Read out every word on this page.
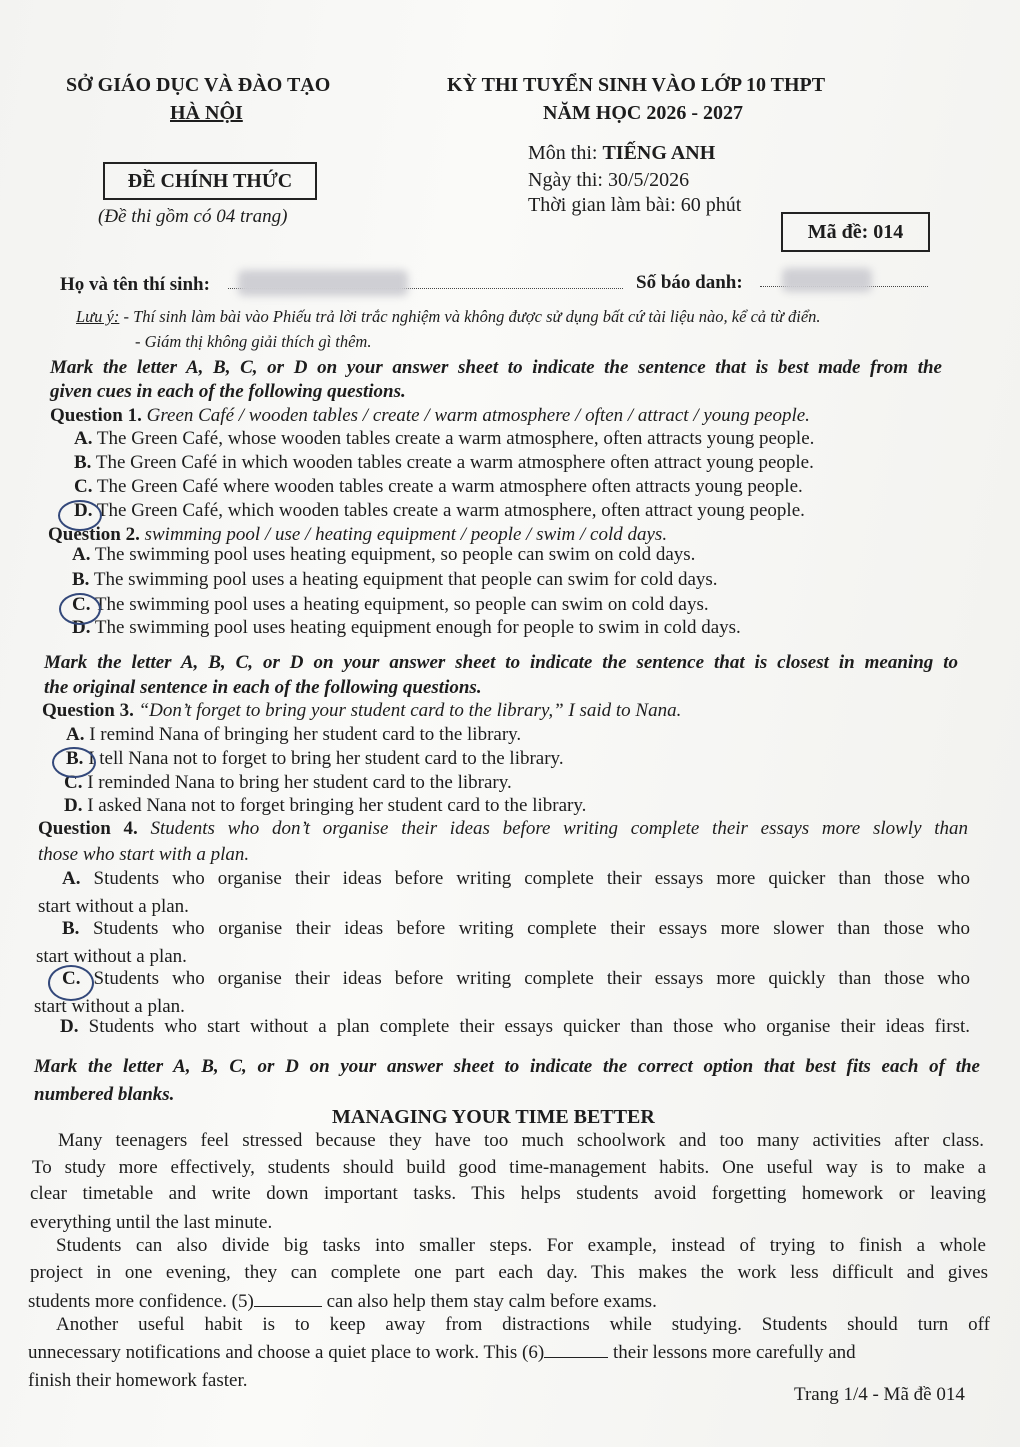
SỞ GIÁO DỤC VÀ ĐÀO TẠO
HÀ NỘI
KỲ THI TUYỂN SINH VÀO LỚP 10 THPT
NĂM HỌC 2026 - 2027
ĐỀ CHÍNH THỨC
(Đề thi gồm có 04 trang)
Môn thi: TIẾNG ANH
Ngày thi: 30/5/2026
Thời gian làm bài: 60 phút
Mã đề: 014
Họ và tên thí sinh:	Số báo danh:
Lưu ý: - Thí sinh làm bài vào Phiếu trả lời trắc nghiệm và không được sử dụng bất cứ tài liệu nào, kể cả từ điển.
- Giám thị không giải thích gì thêm.
Mark the letter A, B, C, or D on your answer sheet to indicate the sentence that is best made from the
given cues in each of the following questions.
Question 1. Green Café / wooden tables / create / warm atmosphere / often / attract / young people.
A. The Green Café, whose wooden tables create a warm atmosphere, often attracts young people.
B. The Green Café in which wooden tables create a warm atmosphere often attract young people.
C. The Green Café where wooden tables create a warm atmosphere often attracts young people.
D. The Green Café, which wooden tables create a warm atmosphere, often attract young people.
Question 2. swimming pool / use / heating equipment / people / swim / cold days.
A. The swimming pool uses heating equipment, so people can swim on cold days.
B. The swimming pool uses a heating equipment that people can swim for cold days.
C. The swimming pool uses a heating equipment, so people can swim on cold days.
D. The swimming pool uses heating equipment enough for people to swim in cold days.
Mark the letter A, B, C, or D on your answer sheet to indicate the sentence that is closest in meaning to
the original sentence in each of the following questions.
Question 3. “Don’t forget to bring your student card to the library,” I said to Nana.
A. I remind Nana of bringing her student card to the library.
B. I tell Nana not to forget to bring her student card to the library.
C. I reminded Nana to bring her student card to the library.
D. I asked Nana not to forget bringing her student card to the library.
Question 4. Students who don’t organise their ideas before writing complete their essays more slowly than
those who start with a plan.
A. Students who organise their ideas before writing complete their essays more quicker than those who
start without a plan.
B. Students who organise their ideas before writing complete their essays more slower than those who
start without a plan.
C. Students who organise their ideas before writing complete their essays more quickly than those who
start without a plan.
D. Students who start without a plan complete their essays quicker than those who organise their ideas first.
Mark the letter A, B, C, or D on your answer sheet to indicate the correct option that best fits each of the
numbered blanks.
MANAGING YOUR TIME BETTER
Many teenagers feel stressed because they have too much schoolwork and too many activities after class.
To study more effectively, students should build good time-management habits. One useful way is to make a
clear timetable and write down important tasks. This helps students avoid forgetting homework or leaving
everything until the last minute.
Students can also divide big tasks into smaller steps. For example, instead of trying to finish a whole
project in one evening, they can complete one part each day. This makes the work less difficult and gives
students more confidence. (5)	can also help them stay calm before exams.
Another useful habit is to keep away from distractions while studying. Students should turn off
unnecessary notifications and choose a quiet place to work. This (6)	their lessons more carefully and
finish their homework faster.
Trang 1/4 - Mã đề 014
